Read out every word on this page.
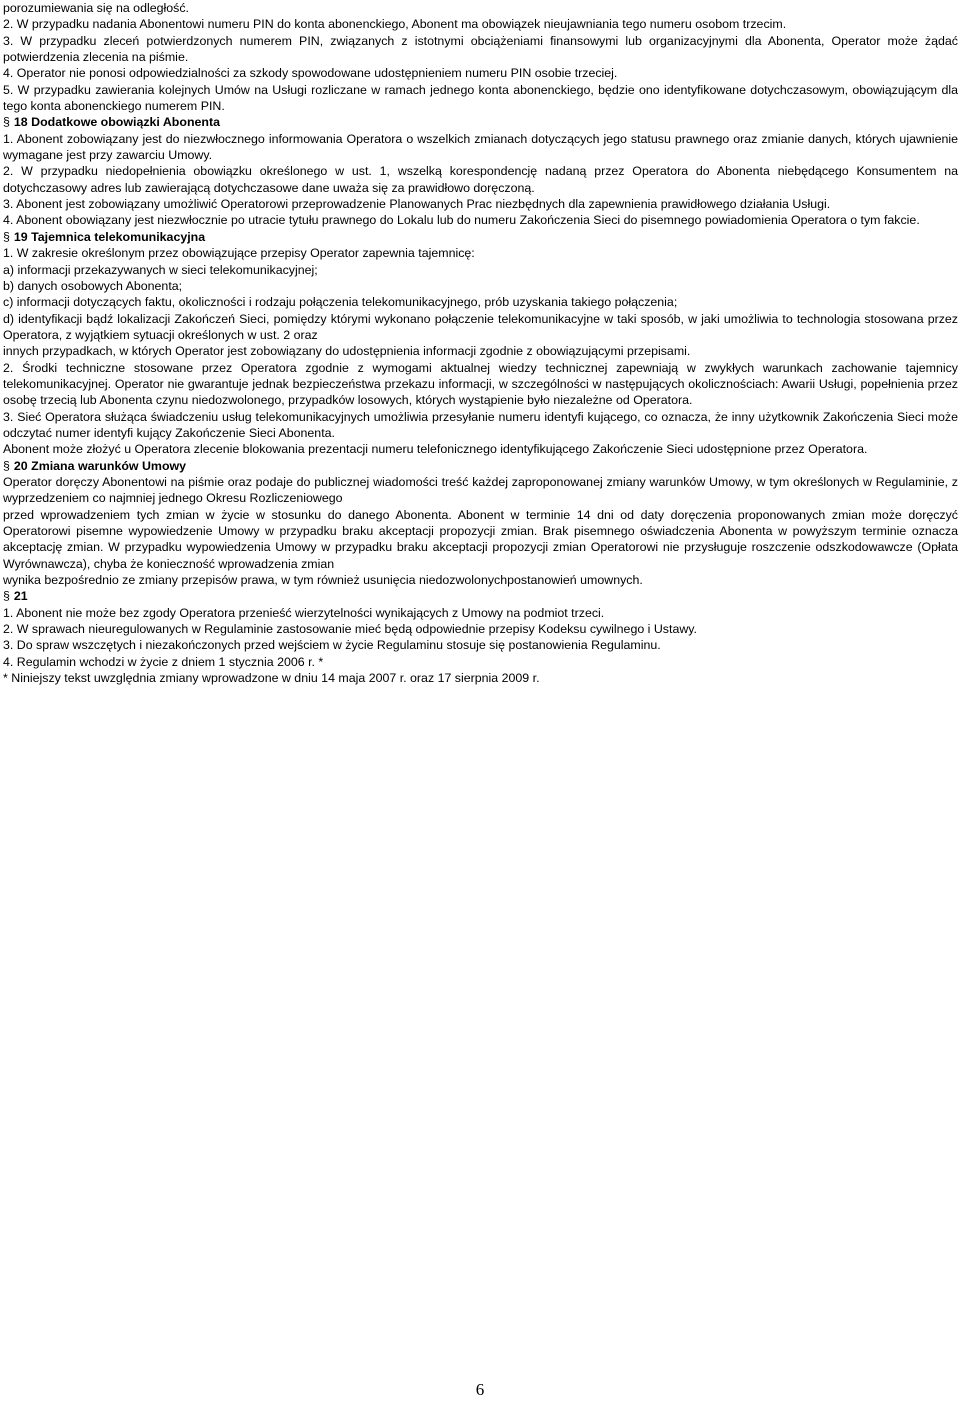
porozumiewania się na odległość.
2. W przypadku nadania Abonentowi numeru PIN do konta abonenckiego, Abonent ma obowiązek nieujawniania tego numeru osobom trzecim.
3. W przypadku zleceń potwierdzonych numerem PIN, związanych z istotnymi obciążeniami finansowymi lub organizacyjnymi dla Abonenta, Operator może żądać potwierdzenia zlecenia na piśmie.
4. Operator nie ponosi odpowiedzialności za szkody spowodowane udostępnieniem numeru PIN osobie trzeciej.
5. W przypadku zawierania kolejnych Umów na Usługi rozliczane w ramach jednego konta abonenckiego, będzie ono identyfikowane dotychczasowym, obowiązującym dla tego konta abonenckiego numerem PIN.
§ 18 Dodatkowe obowiązki Abonenta
1. Abonent zobowiązany jest do niezwłocznego informowania Operatora o wszelkich zmianach dotyczących jego statusu prawnego oraz zmianie danych, których ujawnienie wymagane jest przy zawarciu Umowy.
2. W przypadku niedopełnienia obowiązku określonego w ust. 1, wszelką korespondencję nadaną przez Operatora do Abonenta niebędącego Konsumentem na dotychczasowy adres lub zawierającą dotychczasowe dane uważa się za prawidłowo doręczoną.
3. Abonent jest zobowiązany umożliwić Operatorowi przeprowadzenie Planowanych Prac niezbędnych dla zapewnienia prawidłowego działania Usługi.
4. Abonent obowiązany jest niezwłocznie po utracie tytułu prawnego do Lokalu lub do numeru Zakończenia Sieci do pisemnego powiadomienia Operatora o tym fakcie.
§ 19 Tajemnica telekomunikacyjna
1. W zakresie określonym przez obowiązujące przepisy Operator zapewnia tajemnicę:
a) informacji przekazywanych w sieci telekomunikacyjnej;
b) danych osobowych Abonenta;
c) informacji dotyczących faktu, okoliczności i rodzaju połączenia telekomunikacyjnego, prób uzyskania takiego połączenia;
d) identyfikacji bądź lokalizacji Zakończeń Sieci, pomiędzy którymi wykonano połączenie telekomunikacyjne w taki sposób, w jaki umożliwia to technologia stosowana przez Operatora, z wyjątkiem sytuacji określonych w ust. 2 oraz
innych przypadkach, w których Operator jest zobowiązany do udostępnienia informacji zgodnie z obowiązującymi przepisami.
2. Środki techniczne stosowane przez Operatora zgodnie z wymogami aktualnej wiedzy technicznej zapewniają w zwykłych warunkach zachowanie tajemnicy telekomunikacyjnej. Operator nie gwarantuje jednak bezpieczeństwa przekazu informacji, w szczególności w następujących okolicznościach: Awarii Usługi, popełnienia przez osobę trzecią lub Abonenta czynu niedozwolonego, przypadków losowych, których wystąpienie było niezależne od Operatora.
3. Sieć Operatora służąca świadczeniu usług telekomunikacyjnych umożliwia przesyłanie numeru identyfi kującego, co oznacza, że inny użytkownik Zakończenia Sieci może odczytać numer identyfi kujący Zakończenie Sieci Abonenta.
Abonent może złożyć u Operatora zlecenie blokowania prezentacji numeru telefonicznego identyfikującego Zakończenie Sieci udostępnione przez Operatora.
§ 20 Zmiana warunków Umowy
Operator doręczy Abonentowi na piśmie oraz podaje do publicznej wiadomości treść każdej zaproponowanej zmiany warunków Umowy, w tym określonych w Regulaminie, z wyprzedzeniem co najmniej jednego Okresu Rozliczeniowego
przed wprowadzeniem tych zmian w życie w stosunku do danego Abonenta. Abonent w terminie 14 dni od daty doręczenia proponowanych zmian może doręczyć Operatorowi pisemne wypowiedzenie Umowy w przypadku braku akceptacji propozycji zmian. Brak pisemnego oświadczenia Abonenta w powyższym terminie oznacza akceptację zmian. W przypadku wypowiedzenia Umowy w przypadku braku akceptacji propozycji zmian Operatorowi nie przysługuje roszczenie odszkodowawcze (Opłata Wyrównawcza), chyba że konieczność wprowadzenia zmian
wynika bezpośrednio ze zmiany przepisów prawa, w tym również usunięcia niedozwolonychpostanowień umownych.
§ 21
1. Abonent nie może bez zgody Operatora przenieść wierzytelności wynikających z Umowy na podmiot trzeci.
2. W sprawach nieuregulowanych w Regulaminie zastosowanie mieć będą odpowiednie przepisy Kodeksu cywilnego i Ustawy.
3. Do spraw wszczętych i niezakończonych przed wejściem w życie Regulaminu stosuje się postanowienia Regulaminu.
4. Regulamin wchodzi w życie z dniem 1 stycznia 2006 r. *
* Niniejszy tekst uwzględnia zmiany wprowadzone w dniu 14 maja 2007 r. oraz 17 sierpnia 2009 r.
6
